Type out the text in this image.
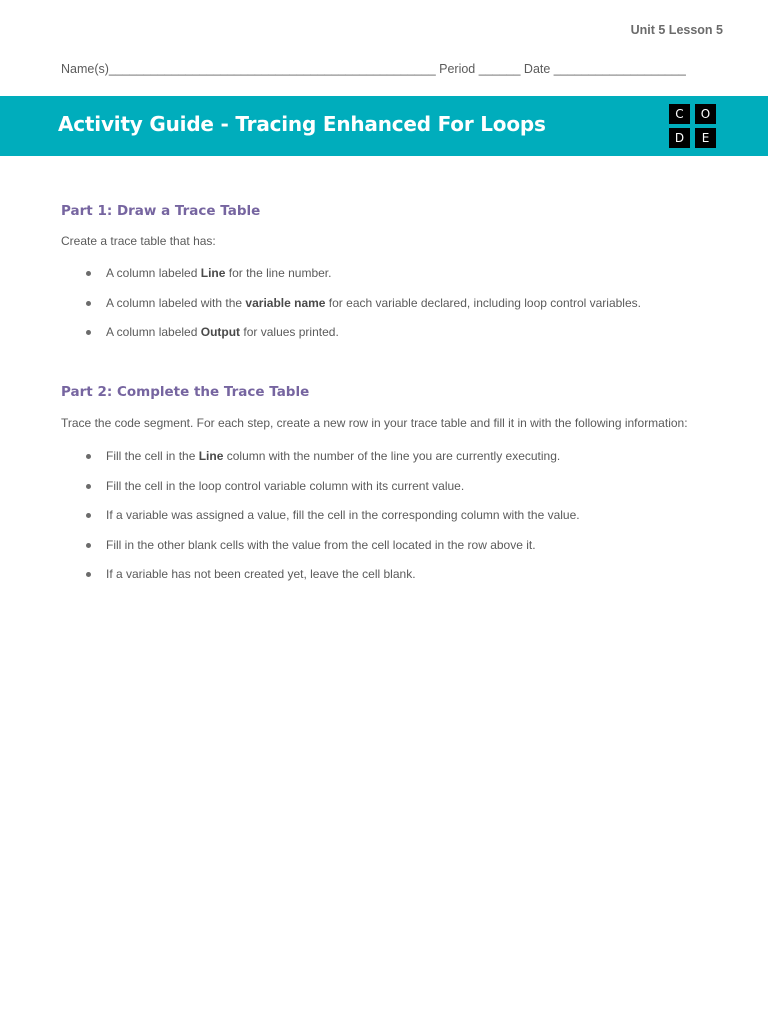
Unit 5 Lesson 5
Name(s)_______________________________________________ Period ______ Date ___________________
Activity Guide - Tracing Enhanced For Loops	C	O
D	E
Part 1: Draw a Trace Table
Create a trace table that has:
A column labeled Line for the line number.
A column labeled with the variable name for each variable declared, including loop control variables.
A column labeled Output for values printed.
Part 2: Complete the Trace Table
Trace the code segment. For each step, create a new row in your trace table and fill it in with the following information:
Fill the cell in the Line column with the number of the line you are currently executing.
Fill the cell in the loop control variable column with its current value.
If a variable was assigned a value, fill the cell in the corresponding column with the value.
Fill in the other blank cells with the value from the cell located in the row above it.
If a variable has not been created yet, leave the cell blank.
